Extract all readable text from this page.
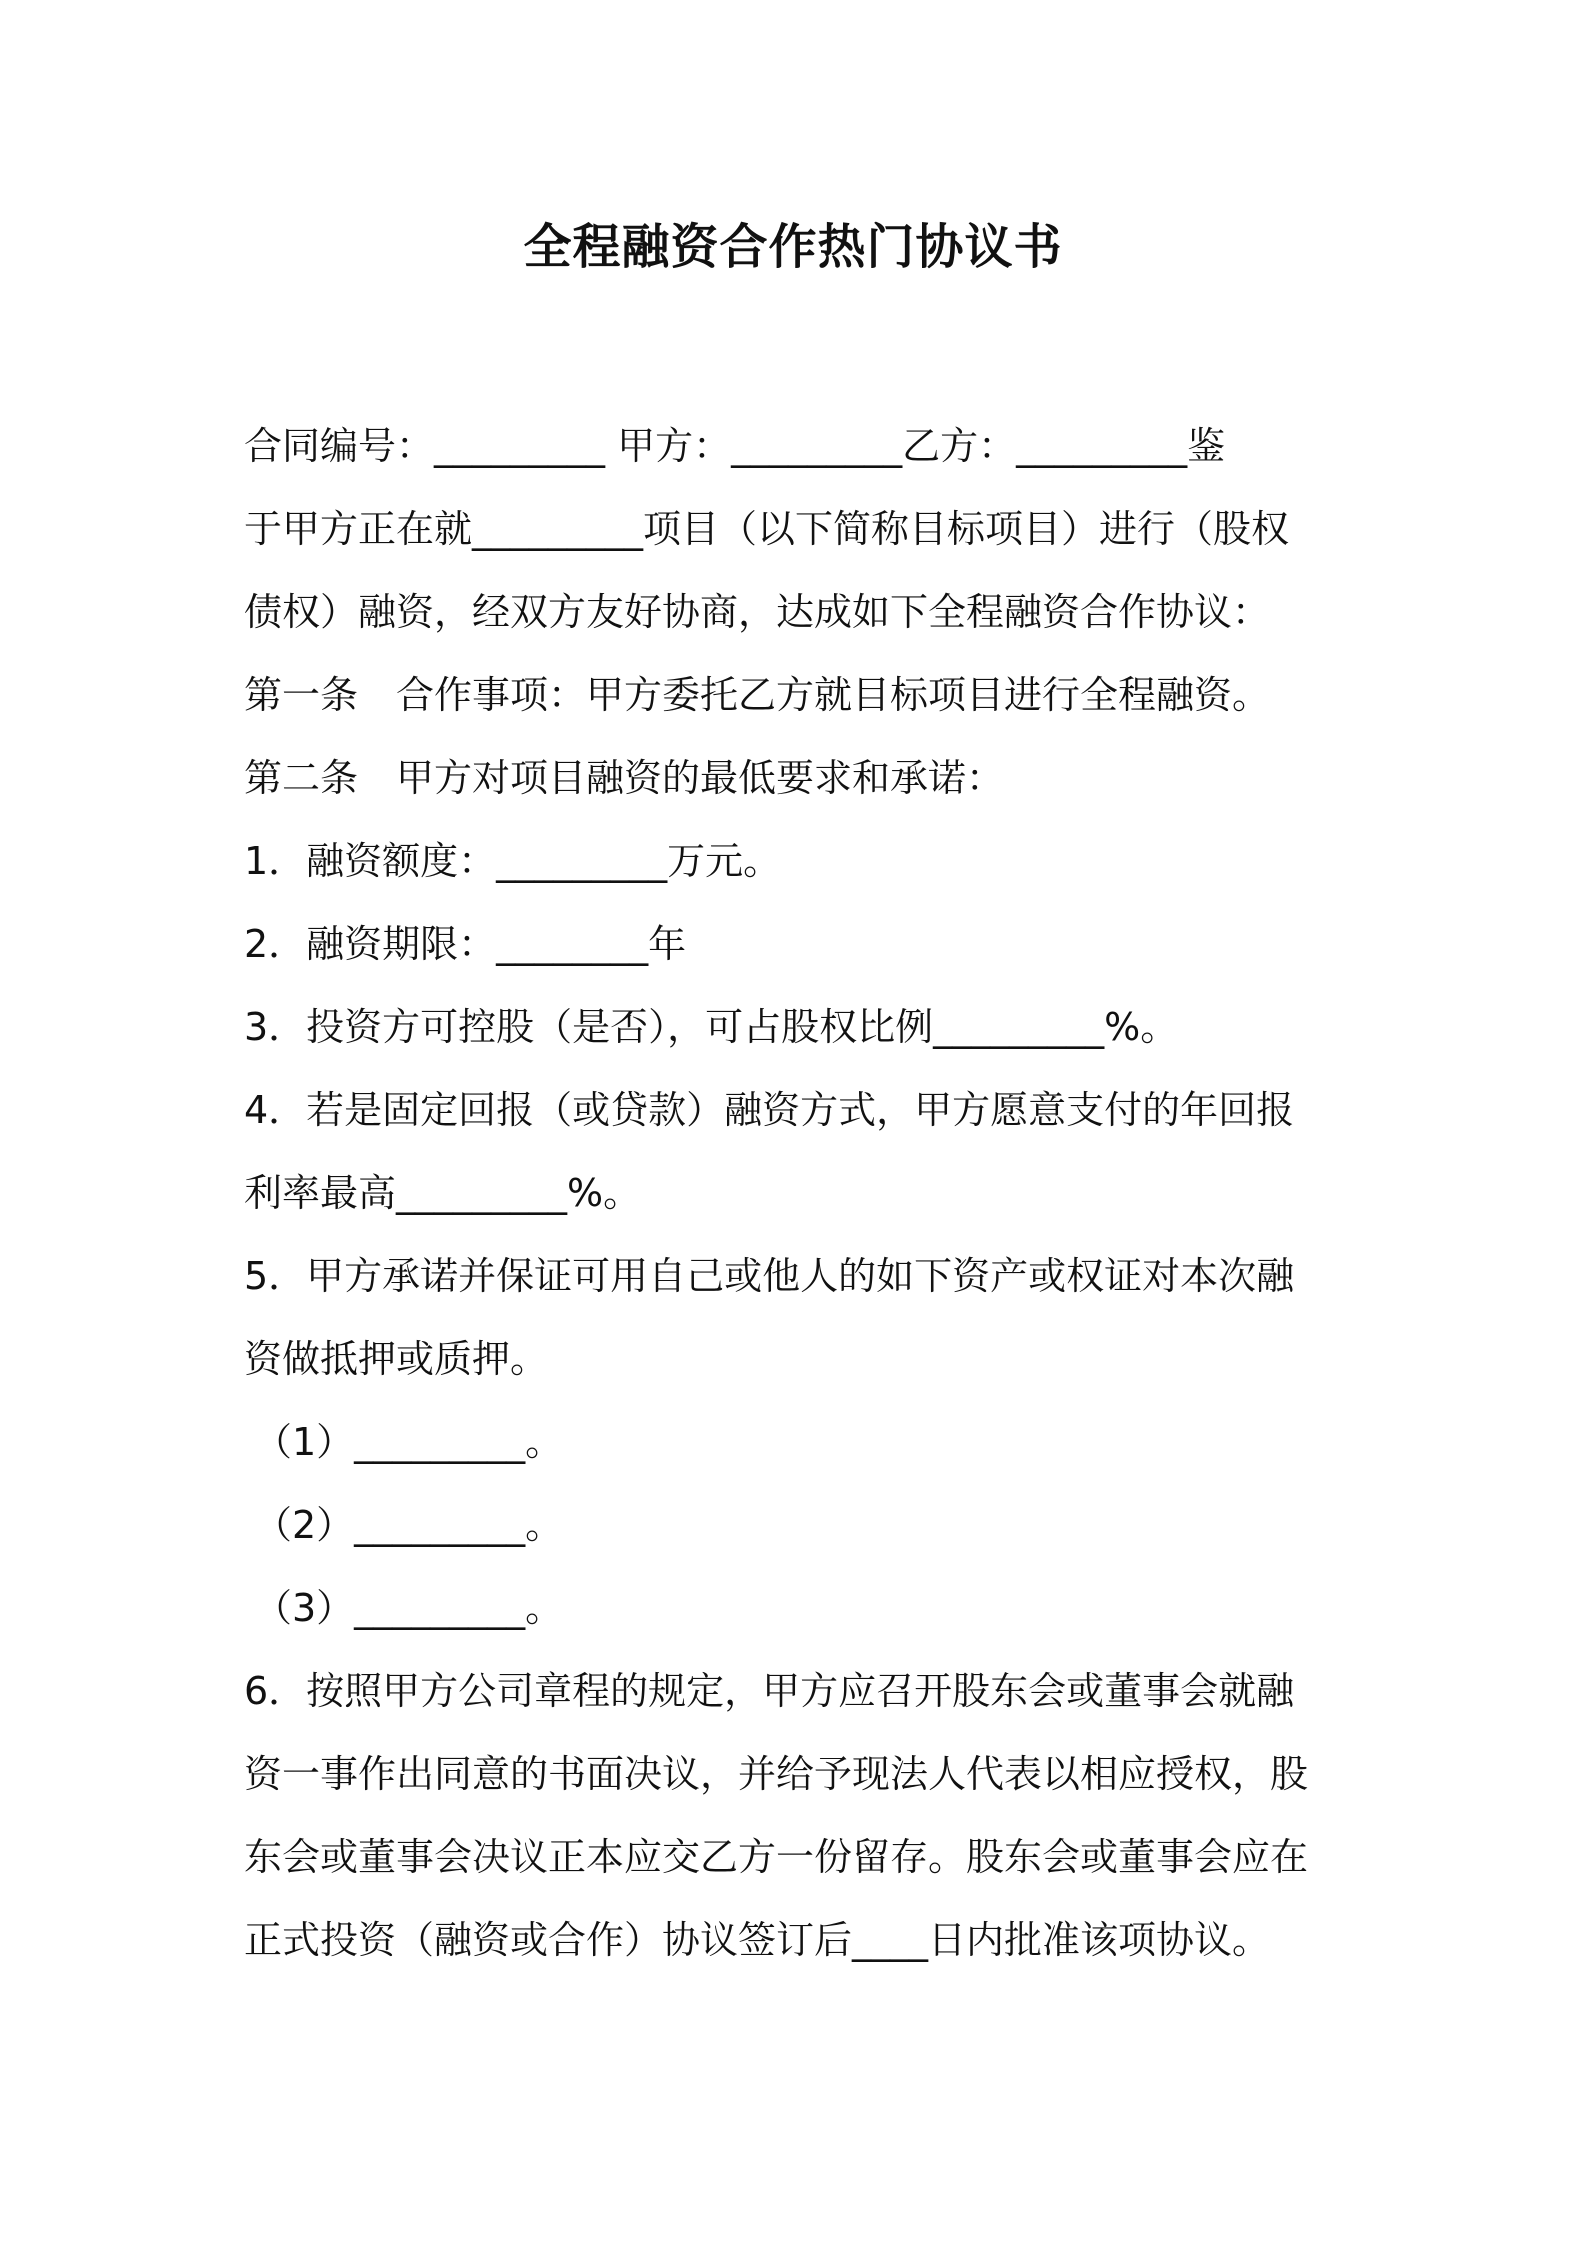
全程融资合作热门协议书
合同编号：_________ 甲方：_________乙方：_________鉴
于甲方正在就_________项目（以下简称目标项目）进行（股权
债权）融资，经双方友好协商，达成如下全程融资合作协议：
第一条　合作事项：甲方委托乙方就目标项目进行全程融资。
第二条　甲方对项目融资的最低要求和承诺：
1．融资额度：_________万元。
2．融资期限：________年
3．投资方可控股（是否），可占股权比例_________%。
4．若是固定回报（或贷款）融资方式，甲方愿意支付的年回报
利率最高_________%。
5．甲方承诺并保证可用自己或他人的如下资产或权证对本次融
资做抵押或质押。
（1）_________。
（2）_________。
（3）_________。
6．按照甲方公司章程的规定，甲方应召开股东会或董事会就融
资一事作出同意的书面决议，并给予现法人代表以相应授权，股
东会或董事会决议正本应交乙方一份留存。股东会或董事会应在
正式投资（融资或合作）协议签订后____日内批准该项协议。
